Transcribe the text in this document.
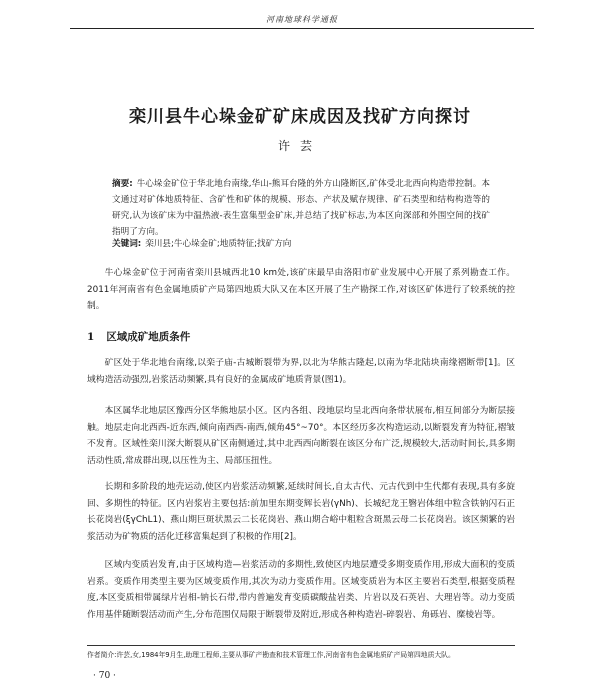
河南地球科学通报
栾川县牛心垛金矿矿床成因及找矿方向探讨
许芸

摘要: 牛心垛金矿位于华北地台南缘,华山-熊耳台隆的外方山隆断区,矿体受北北西向构造带控制。本文通过对矿体地质特征、含矿性和矿体的规模、形态、产状及赋存规律、矿石类型和结构构造等的研究,认为该矿床为中温热液-表生富集型金矿床,并总结了找矿标志,为本区向深部和外围空间的找矿指明了方向。

关键词: 栾川县;牛心垛金矿;地质特征;找矿方向

牛心垛金矿位于河南省栾川县城西北10 km处,该矿床最早由洛阳市矿业发展中心开展了系列勘查工作。2011年河南省有色金属地质矿产局第四地质大队又在本区开展了生产勘探工作,对该区矿体进行了较系统的控制。

1 区域成矿地质条件

矿区处于华北地台南缘,以栾子庙-古城断裂带为界,以北为华熊古隆起,以南为华北陆块南缘褶断带[1]。区域构造活动强烈,岩浆活动频繁,具有良好的金属成矿地质背景(图1)。

本区属华北地层区豫西分区华熊地层小区。区内各组、段地层均呈北西向条带状展布,相互间部分为断层接触。地层走向北西西-近东西,倾向南西西-南西,倾角45°~70°。本区经历多次构造运动,以断裂发育为特征,褶皱不发育。区域性栾川深大断裂从矿区南侧通过,其中北西西向断裂在该区分布广泛,规模较大,活动时间长,具多期活动性质,常成群出现,以压性为主、局部压扭性。

长期和多阶段的地壳运动,使区内岩浆活动频繁,延续时间长,自太古代、元古代到中生代都有表现,具有多旋回、多期性的特征。区内岩浆岩主要包括:前加里东期变辉长岩(γNh)、长城纪龙王䃜岩体组中粒含铁钠闪石正长花岗岩(ξγChL1)、燕山期巨斑状黑云二长花岗岩、燕山期合峪中粗粒含斑黑云母二长花岗岩。该区频繁的岩浆活动为矿物质的活化迁移富集起到了积极的作用[2]。

区域内变质岩发育,由于区域构造—岩浆活动的多期性,致使区内地层遭受多期变质作用,形成大面积的变质岩系。变质作用类型主要为区域变质作用,其次为动力变质作用。区域变质岩为本区主要岩石类型,根据变质程度,本区变质相带属绿片岩相-钠长石带,带内普遍发育变质碳酸盐岩类、片岩以及石英岩、大理岩等。动力变质作用基伴随断裂活动而产生,分布范围仅局限于断裂带及附近,形成各种构造岩-碎裂岩、角砾岩、糜棱岩等。

作者简介:许芸,女,1984年9月生,助理工程师,主要从事矿产勘查和技术管理工作,河南省有色金属地质矿产局第四地质大队。

· 70 ·
